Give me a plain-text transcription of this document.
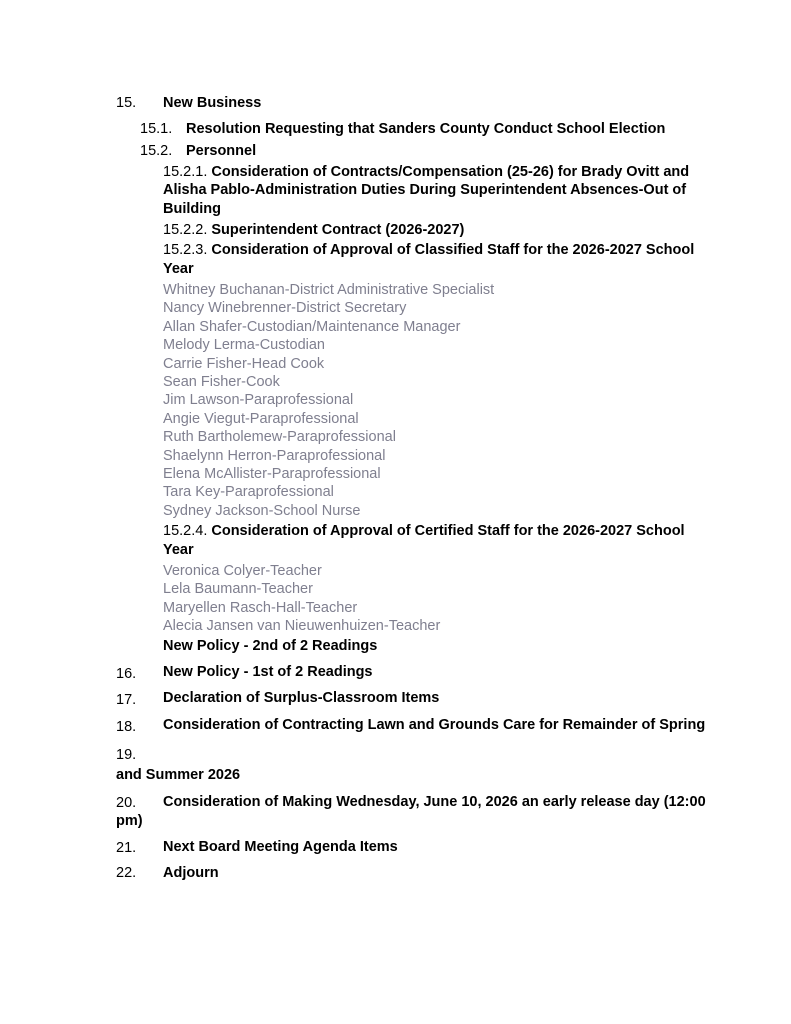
15. New Business
15.1. Resolution Requesting that Sanders County Conduct School Election
15.2. Personnel
15.2.1. Consideration of Contracts/Compensation (25-26) for Brady Ovitt and
Alisha Pablo-Administration Duties During Superintendent Absences-Out of
Building
15.2.2. Superintendent Contract (2026-2027)
15.2.3. Consideration of Approval of Classified Staff for the 2026-2027 School
Year
Whitney Buchanan-District Administrative Specialist
Nancy Winebrenner-District Secretary
Allan Shafer-Custodian/Maintenance Manager
Melody Lerma-Custodian
Carrie Fisher-Head Cook
Sean Fisher-Cook
Jim Lawson-Paraprofessional
Angie Viegut-Paraprofessional
Ruth Bartholemew-Paraprofessional
Shaelynn Herron-Paraprofessional
Elena McAllister-Paraprofessional
Tara Key-Paraprofessional
Sydney Jackson-School Nurse
15.2.4. Consideration of Approval of Certified Staff for the 2026-2027 School
Year
Veronica Colyer-Teacher
Lela Baumann-Teacher
Maryellen Rasch-Hall-Teacher
Alecia Jansen van Nieuwenhuizen-Teacher
New Policy - 2nd of 2 Readings
16. New Policy - 1st of 2 Readings
17. Declaration of Surplus-Classroom Items
18. Consideration of Contracting Lawn and Grounds Care for Remainder of Spring
19.
and Summer 2026
20. Consideration of Making Wednesday, June 10, 2026 an early release day (12:00
pm)
21. Next Board Meeting Agenda Items
22. Adjourn
